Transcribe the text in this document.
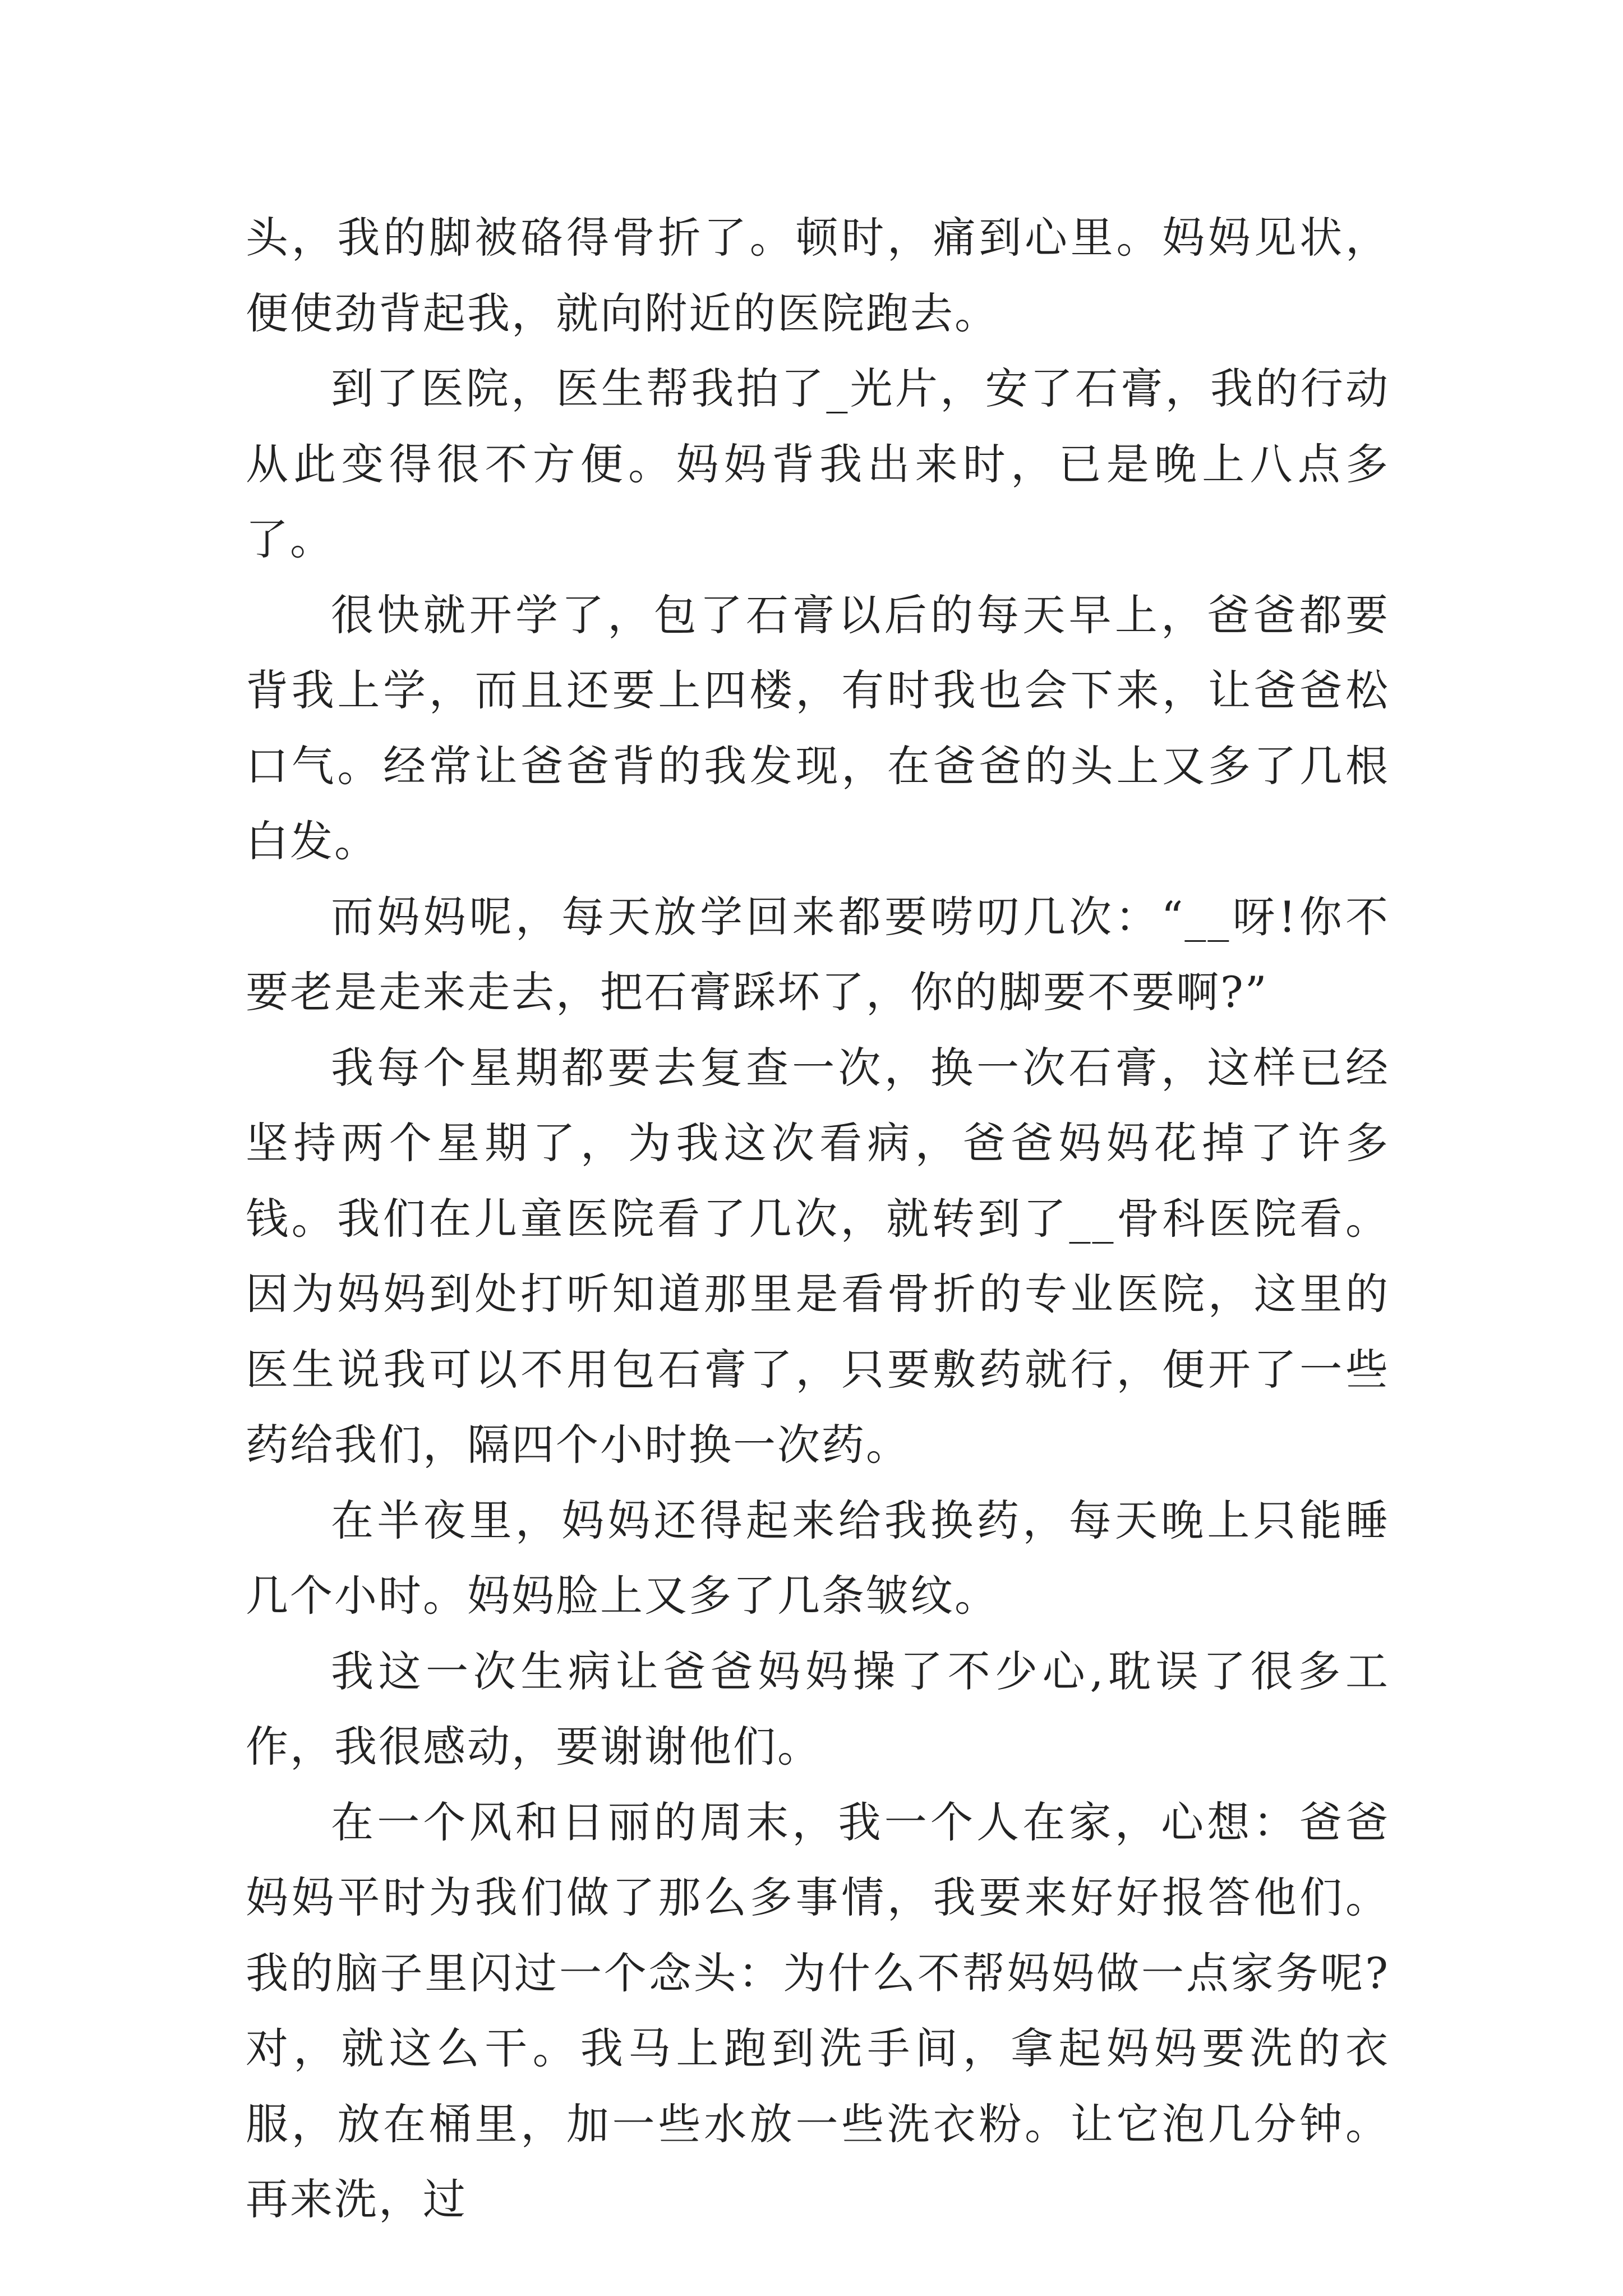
头，我的脚被硌得骨折了。顿时，痛到心里。妈妈见状，便使劲背起我，就向附近的医院跑去。

到了医院，医生帮我拍了_光片，安了石膏，我的行动从此变得很不方便。妈妈背我出来时，已是晚上八点多了。

很快就开学了，包了石膏以后的每天早上，爸爸都要背我上学，而且还要上四楼，有时我也会下来，让爸爸松口气。经常让爸爸背的我发现，在爸爸的头上又多了几根白发。

而妈妈呢，每天放学回来都要唠叨几次：“__呀!你不要老是走来走去，把石膏踩坏了，你的脚要不要啊?”

我每个星期都要去复查一次，换一次石膏，这样已经坚持两个星期了，为我这次看病，爸爸妈妈花掉了许多钱。我们在儿童医院看了几次，就转到了__骨科医院看。因为妈妈到处打听知道那里是看骨折的专业医院，这里的医生说我可以不用包石膏了，只要敷药就行，便开了一些药给我们，隔四个小时换一次药。

在半夜里，妈妈还得起来给我换药，每天晚上只能睡几个小时。妈妈脸上又多了几条皱纹。

我这一次生病让爸爸妈妈操了不少心,耽误了很多工作，我很感动，要谢谢他们。

在一个风和日丽的周末，我一个人在家，心想：爸爸妈妈平时为我们做了那么多事情，我要来好好报答他们。我的脑子里闪过一个念头：为什么不帮妈妈做一点家务呢?对，就这么干。我马上跑到洗手间，拿起妈妈要洗的衣服，放在桶里，加一些水放一些洗衣粉。让它泡几分钟。再来洗，过
